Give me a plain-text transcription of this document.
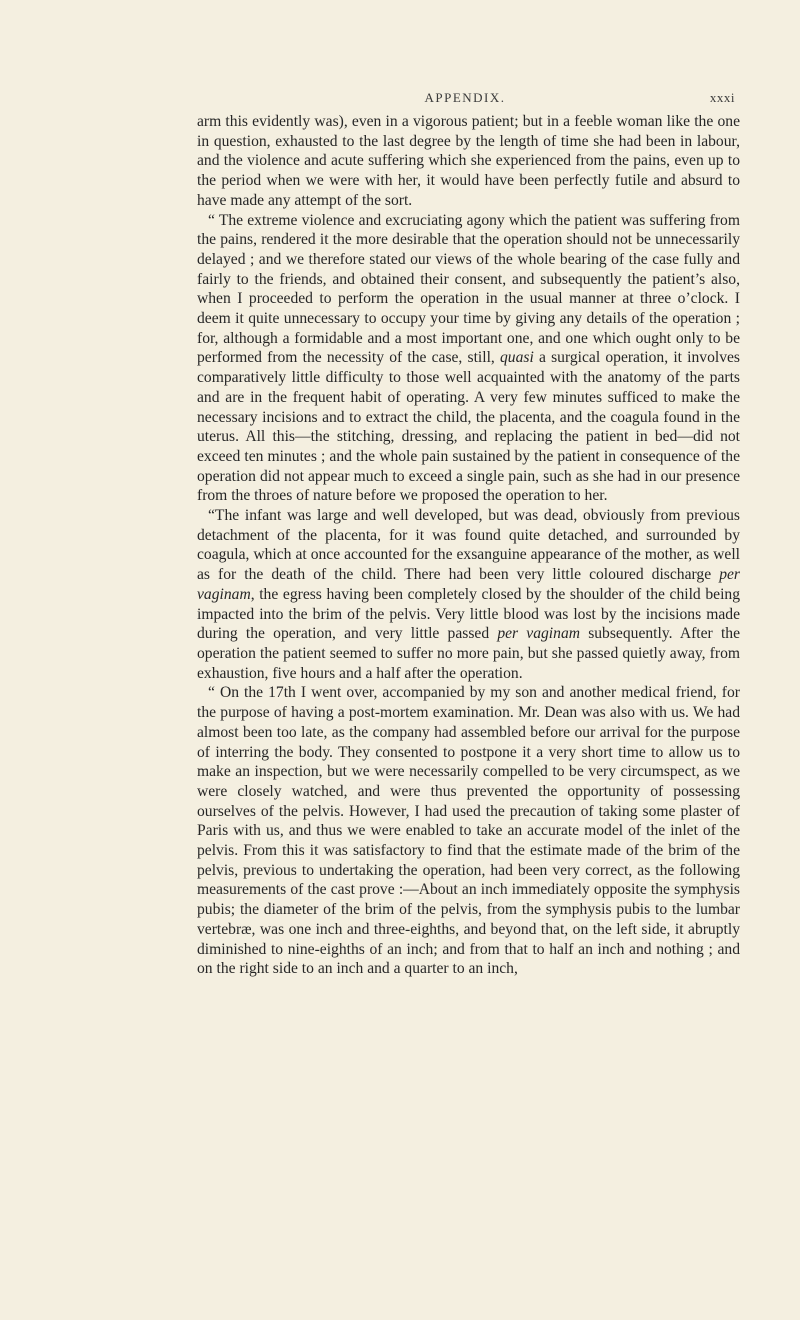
APPENDIX.	xxxi

arm this evidently was), even in a vigorous patient; but in a feeble woman like the one in question, exhausted to the last degree by the length of time she had been in labour, and the violence and acute suffering which she experienced from the pains, even up to the period when we were with her, it would have been perfectly futile and absurd to have made any attempt of the sort.

“ The extreme violence and excruciating agony which the patient was suffering from the pains, rendered it the more desirable that the operation should not be unnecessarily delayed ; and we therefore stated our views of the whole bearing of the case fully and fairly to the friends, and obtained their consent, and subsequently the patient’s also, when I proceeded to perform the operation in the usual manner at three o’clock. I deem it quite unnecessary to occupy your time by giving any details of the operation ; for, although a formidable and a most important one, and one which ought only to be performed from the necessity of the case, still, quasi a surgical operation, it involves comparatively little difficulty to those well acquainted with the anatomy of the parts and are in the frequent habit of operating. A very few minutes sufficed to make the necessary incisions and to extract the child, the placenta, and the coagula found in the uterus. All this—the stitching, dressing, and replacing the patient in bed—did not exceed ten minutes ; and the whole pain sustained by the patient in consequence of the operation did not appear much to exceed a single pain, such as she had in our presence from the throes of nature before we proposed the operation to her.

“The infant was large and well developed, but was dead, obviously from previous detachment of the placenta, for it was found quite detached, and surrounded by coagula, which at once accounted for the exsanguine appearance of the mother, as well as for the death of the child. There had been very little coloured discharge per vaginam, the egress having been completely closed by the shoulder of the child being impacted into the brim of the pelvis. Very little blood was lost by the incisions made during the operation, and very little passed per vaginam subsequently. After the operation the patient seemed to suffer no more pain, but she passed quietly away, from exhaustion, five hours and a half after the operation.

“ On the 17th I went over, accompanied by my son and another medical friend, for the purpose of having a post-mortem examination. Mr. Dean was also with us. We had almost been too late, as the company had assembled before our arrival for the purpose of interring the body. They consented to postpone it a very short time to allow us to make an inspection, but we were necessarily compelled to be very circumspect, as we were closely watched, and were thus prevented the opportunity of possessing ourselves of the pelvis. However, I had used the precaution of taking some plaster of Paris with us, and thus we were enabled to take an accurate model of the inlet of the pelvis. From this it was satisfactory to find that the estimate made of the brim of the pelvis, previous to undertaking the operation, had been very correct, as the following measurements of the cast prove :—About an inch immediately opposite the symphysis pubis; the diameter of the brim of the pelvis, from the symphysis pubis to the lumbar vertebræ, was one inch and three-eighths, and beyond that, on the left side, it abruptly diminished to nine-eighths of an inch; and from that to half an inch and nothing ; and on the right side to an inch and a quarter to an inch,
